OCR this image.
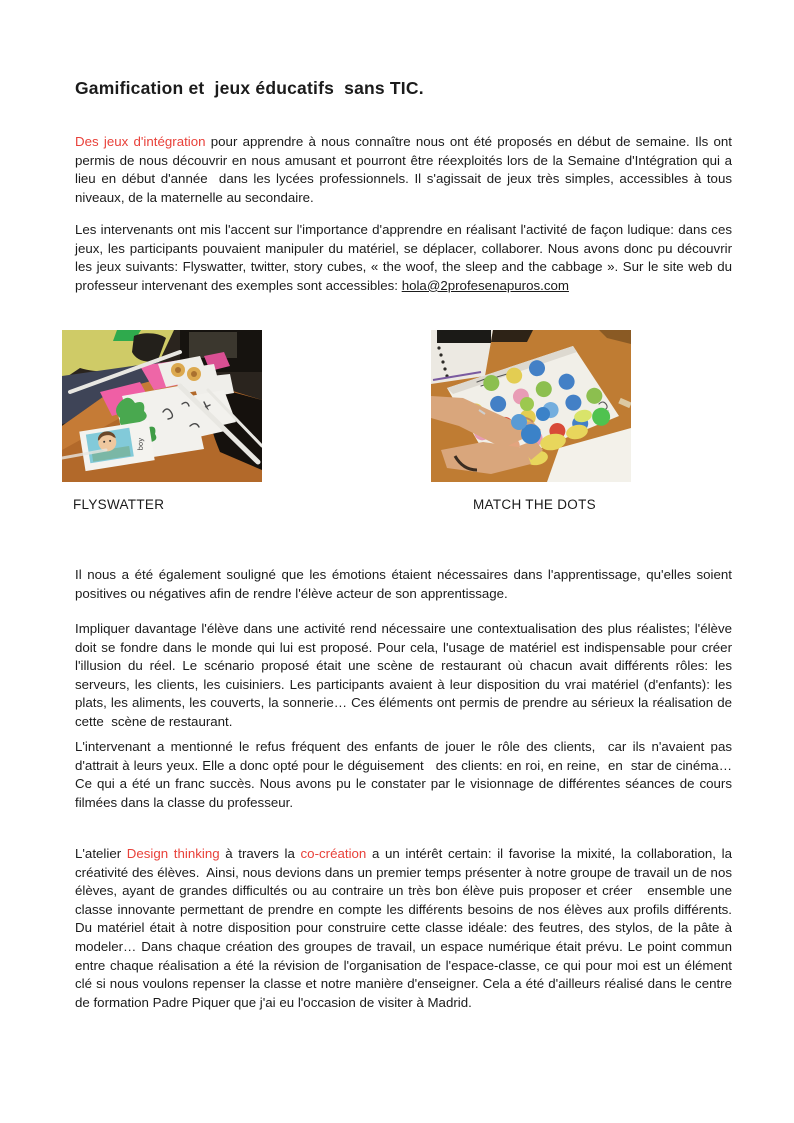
Gamification et  jeux éducatifs  sans TIC.

Des jeux d'intégration pour apprendre à nous connaître nous ont été proposés en début de semaine. Ils ont permis de nous découvrir en nous amusant et pourront être réexploités lors de la Semaine d'Intégration qui a lieu en début d'année  dans les lycées professionnels. Il s'agissait de jeux très simples, accessibles à tous niveaux, de la maternelle au secondaire.

Les intervenants ont mis l'accent sur l'importance d'apprendre en réalisant l'activité de façon ludique: dans ces jeux, les participants pouvaient manipuler du matériel, se déplacer, collaborer. Nous avons donc pu découvrir les jeux suivants: Flyswatter, twitter, story cubes, « the woof, the sleep and the cabbage ». Sur le site web du professeur intervenant des exemples sont accessibles: hola@2profesenapuros.com

boy
FLYSWATTER	MATCH THE DOTS

Il nous a été également souligné que les émotions étaient nécessaires dans l'apprentissage, qu'elles soient positives ou négatives afin de rendre l'élève acteur de son apprentissage.

Impliquer davantage l'élève dans une activité rend nécessaire une contextualisation des plus réalistes; l'élève doit se fondre dans le monde qui lui est proposé. Pour cela, l'usage de matériel est indispensable pour créer l'illusion du réel. Le scénario proposé était une scène de restaurant où chacun avait différents rôles: les serveurs, les clients, les cuisiniers. Les participants avaient à leur disposition du vrai matériel (d'enfants): les plats, les aliments, les couverts, la sonnerie… Ces éléments ont permis de prendre au sérieux la réalisation de cette  scène de restaurant.

L'intervenant a mentionné le refus fréquent des enfants de jouer le rôle des clients,  car ils n'avaient pas d'attrait à leurs yeux. Elle a donc opté pour le déguisement   des clients: en roi, en reine,  en  star de cinéma…Ce qui a été un franc succès. Nous avons pu le constater par le visionnage de différentes séances de cours filmées dans la classe du professeur.

L'atelier Design thinking à travers la co-création a un intérêt certain: il favorise la mixité, la collaboration, la créativité des élèves.  Ainsi, nous devions dans un premier temps présenter à notre groupe de travail un de nos élèves, ayant de grandes difficultés ou au contraire un très bon élève puis proposer et créer   ensemble une classe innovante permettant de prendre en compte les différents besoins de nos élèves aux profils différents. Du matériel était à notre disposition pour construire cette classe idéale: des feutres, des stylos, de la pâte à modeler… Dans chaque création des groupes de travail, un espace numérique était prévu. Le point commun entre chaque réalisation a été la révision de l'organisation de l'espace-classe, ce qui pour moi est un élément clé si nous voulons repenser la classe et notre manière d'enseigner. Cela a été d'ailleurs réalisé dans le centre de formation Padre Piquer que j'ai eu l'occasion de visiter à Madrid.
